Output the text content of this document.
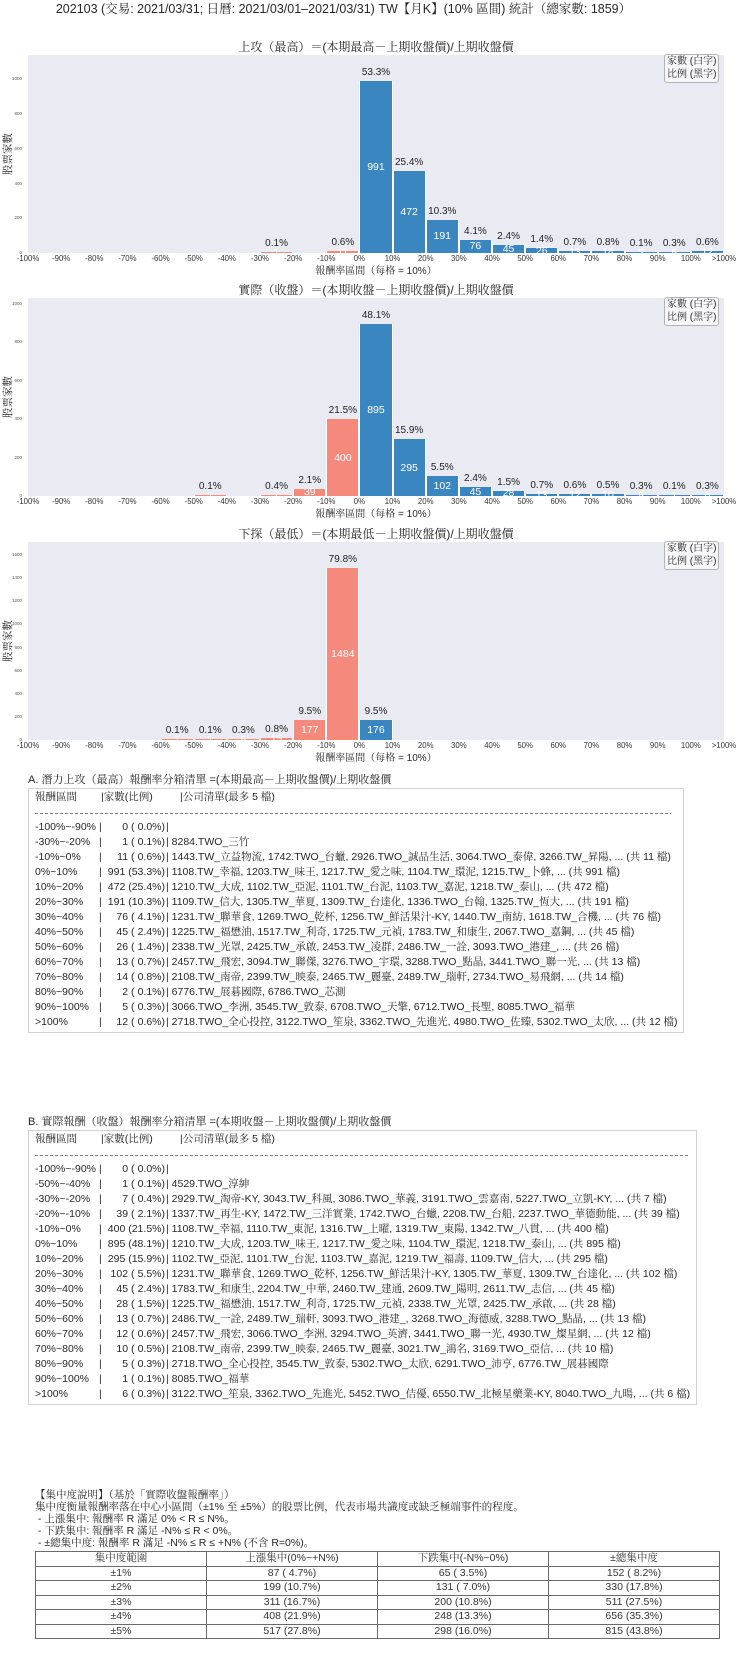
202103 (交易: 2021/03/31; 日曆: 2021/03/01–2021/03/31) TW【月K】(10% 區間) 統計（總家數: 1859）
上攻（最高）＝(本期最高－上期收盤價)/上期收盤價
股票家數
0
200
400
600
800
1000
1
0.1%
11
0.6%
991
53.3%
472
25.4%
191
10.3%
76
4.1%
45
2.4%
26
1.4%
13
0.7%
14
0.8%
2
0.1%
5
0.3%
12
0.6%
-100%	-90%	-80%	-70%	-60%	-50%	-40%	-30%	-20%	-10%	0%	10%	20%	30%	40%	50%	60%	70%	80%	90%	100%	>100%
家數 (白字)
比例 (黑字)
報酬率區間（每格 = 10%）
實際（收盤）＝(本期收盤－上期收盤價)/上期收盤價
股票家數
0
200
400
600
800
1000
1
0.1%
7
0.4%
39
2.1%
400
21.5% 895
48.1%
295
15.9%
102
5.5%
45
2.4%
28
1.5%
13
0.7%
12
0.6%
10
0.5%
5
0.3%
1
0.1%
6
0.3%
-100%	-90%	-80%	-70%	-60%	-50%	-40%	-30%	-20%	-10%	0%	10%	20%	30%	40%	50%	60%	70%	80%	90%	100%	>100%
家數 (白字)
比例 (黑字)
報酬率區間（每格 = 10%）
下探（最低）＝(本期最低－上期收盤價)/上期收盤價
股票家數
0
200
400
600
800
1000
1200
1400
1600
1
0.1%
1
0.1%
5
0.3%
15
0.8%	177
9.5%
1484
79.8%
176
9.5%
-100%	-90%	-80%	-70%	-60%	-50%	-40%	-30%	-20%	-10%	0%	10%	20%	30%	40%	50%	60%	70%	80%	90%	100%	>100%
家數 (白字)
比例 (黑字)
報酬率區間（每格 = 10%）
A. 潛力上攻（最高）報酬率分箱清單 =(本期最高－上期收盤價)/上期收盤價
報酬區間	| 家數(比例)	| 公司清單(最多 5 檔)
-100%~-90% | 0 ( 0.0% )|
-30%~-20%	| 1 ( 0.1% ) | 8284.TWO_三竹
-10%~0%	| 11 ( 0.6% ) | 1443.TW_立益物流, 1742.TWO_台蠟, 2926.TWO_誠品生活, 3064.TWO_泰偉, 3266.TW_昇陽, ... (共 11 檔)
0%~10%	| 991 ( 53.3% ) | 1108.TW_幸福, 1203.TW_味王, 1217.TW_愛之味, 1104.TW_環泥, 1215.TW_卜蜂, ... (共 991 檔)
10%~20% | 472 ( 25.4% ) | 1210.TW_大成, 1102.TW_亞泥, 1101.TW_台泥, 1103.TW_嘉泥, 1218.TW_泰山, ... (共 472 檔)
20%~30% | 191 ( 10.3% ) | 1109.TW_信大, 1305.TW_華夏, 1309.TW_台達化, 1336.TWO_台翰, 1325.TW_恆大, ... (共 191 檔)
30%~40%	| 76 ( 4.1% ) | 1231.TW_聯華食, 1269.TWO_乾杯, 1256.TW_鮮活果汁-KY, 1440.TW_南紡, 1618.TW_合機, ... (共 76 檔)
40%~50%	| 45 ( 2.4% ) | 1225.TW_福懋油, 1517.TW_利奇, 1725.TW_元禎, 1783.TW_和康生, 2067.TWO_嘉鋼, ... (共 45 檔)
50%~60%	| 26 ( 1.4% ) | 2338.TW_光罩, 2425.TW_承啟, 2453.TW_凌群, 2486.TW_一詮, 3093.TWO_港建_, ... (共 26 檔)
60%~70%	| 13 ( 0.7% ) | 2457.TW_飛宏, 3094.TW_聯傑, 3276.TWO_宇環, 3288.TWO_點晶, 3441.TWO_聯一光, ... (共 13 檔)
70%~80%	| 14 ( 0.8% ) | 2108.TW_南帝, 2399.TW_映泰, 2465.TW_麗臺, 2489.TW_瑞軒, 2734.TWO_易飛網, ... (共 14 檔)
80%~90%	| 2 ( 0.1% ) | 6776.TW_展碁國際, 6786.TWO_芯測
90%~100%	| 5 ( 0.3% ) | 3066.TWO_李洲, 3545.TW_敦泰, 6708.TWO_天擎, 6712.TWO_長聖, 8085.TWO_福華
>100%	| 12 ( 0.6% ) | 2718.TWO_全心投控, 3122.TWO_笙泉, 3362.TWO_先進光, 4980.TWO_佐臻, 5302.TWO_太欣, ... (共 12 檔)
B. 實際報酬（收盤）報酬率分箱清單 =(本期收盤－上期收盤價)/上期收盤價
報酬區間	| 家數(比例)	| 公司清單(最多 5 檔)
-100%~-90% | 0 ( 0.0% )|
-50%~-40%	| 1 ( 0.1% ) | 4529.TWO_淳紳
-30%~-20%	| 7 ( 0.4% ) | 2929.TW_淘帝-KY, 3043.TW_科風, 3086.TWO_華義, 3191.TWO_雲嘉南, 5227.TWO_立凱-KY, ... (共 7 檔)
-20%~-10% | 39 ( 2.1% ) | 1337.TW_再生-KY, 1472.TW_三洋實業, 1742.TWO_台蠟, 2208.TW_台船, 2237.TWO_華德動能, ... (共 39 檔)
-10%~0%	| 400 ( 21.5% ) | 1108.TW_幸福, 1110.TW_東泥, 1316.TW_上曜, 1319.TW_東陽, 1342.TW_八貫, ... (共 400 檔)
0%~10%	| 895 ( 48.1% ) | 1210.TW_大成, 1203.TW_味王, 1217.TW_愛之味, 1104.TW_環泥, 1218.TW_泰山, ... (共 895 檔)
10%~20% | 295 ( 15.9% ) | 1102.TW_亞泥, 1101.TW_台泥, 1103.TW_嘉泥, 1219.TW_福壽, 1109.TW_信大, ... (共 295 檔)
20%~30%	| 102 ( 5.5% ) | 1231.TW_聯華食, 1269.TWO_乾杯, 1256.TW_鮮活果汁-KY, 1305.TW_華夏, 1309.TW_台達化, ... (共 102 檔)
30%~40%	| 45 ( 2.4% ) | 1783.TW_和康生, 2204.TW_中華, 2460.TW_建通, 2609.TW_陽明, 2611.TW_志信, ... (共 45 檔)
40%~50%	| 28 ( 1.5% ) | 1225.TW_福懋油, 1517.TW_利奇, 1725.TW_元禎, 2338.TW_光罩, 2425.TW_承啟, ... (共 28 檔)
50%~60%	| 13 ( 0.7% ) | 2486.TW_一詮, 2489.TW_瑞軒, 3093.TWO_港建_, 3268.TWO_海德威, 3288.TWO_點晶, ... (共 13 檔)
60%~70%	| 12 ( 0.6% ) | 2457.TW_飛宏, 3066.TWO_李洲, 3294.TWO_英濟, 3441.TWO_聯一光, 4930.TW_燦星網, ... (共 12 檔)
70%~80%	| 10 ( 0.5% ) | 2108.TW_南帝, 2399.TW_映泰, 2465.TW_麗臺, 3021.TW_鴻名, 3169.TWO_亞信, ... (共 10 檔)
80%~90%	| 5 ( 0.3% ) | 2718.TWO_全心投控, 3545.TW_敦泰, 5302.TWO_太欣, 6291.TWO_沛亨, 6776.TW_展碁國際
90%~100%	| 1 ( 0.1% ) | 8085.TWO_福華
>100%	| 6 ( 0.3% ) | 3122.TWO_笙泉, 3362.TWO_先進光, 5452.TWO_佶優, 6550.TW_北極星藥業-KY, 8040.TWO_九暘, ... (共 6 檔)
【集中度說明】（基於「實際收盤報酬率」）
集中度衡量報酬率落在中心小區間（±1% 至 ±5%）的股票比例，代表市場共識度或缺乏極端事件的程度。
- 上漲集中: 報酬率 R 滿足 0% < R ≤ N%。
- 下跌集中: 報酬率 R 滿足 -N% ≤ R < 0%。
- ±總集中度: 報酬率 R 滿足 -N% ≤ R ≤ +N% (不含 R=0%)。
集中度範圍	上漲集中(0%~+N%)	下跌集中(-N%~0%)	±總集中度
±1%	87 ( 4.7%)	65 ( 3.5%)	152 ( 8.2%)
±2%	199 (10.7%)	131 ( 7.0%)	330 (17.8%)
±3%	311 (16.7%)	200 (10.8%)	511 (27.5%)
±4%	408 (21.9%)	248 (13.3%)	656 (35.3%)
±5%	517 (27.8%)	298 (16.0%)	815 (43.8%)
